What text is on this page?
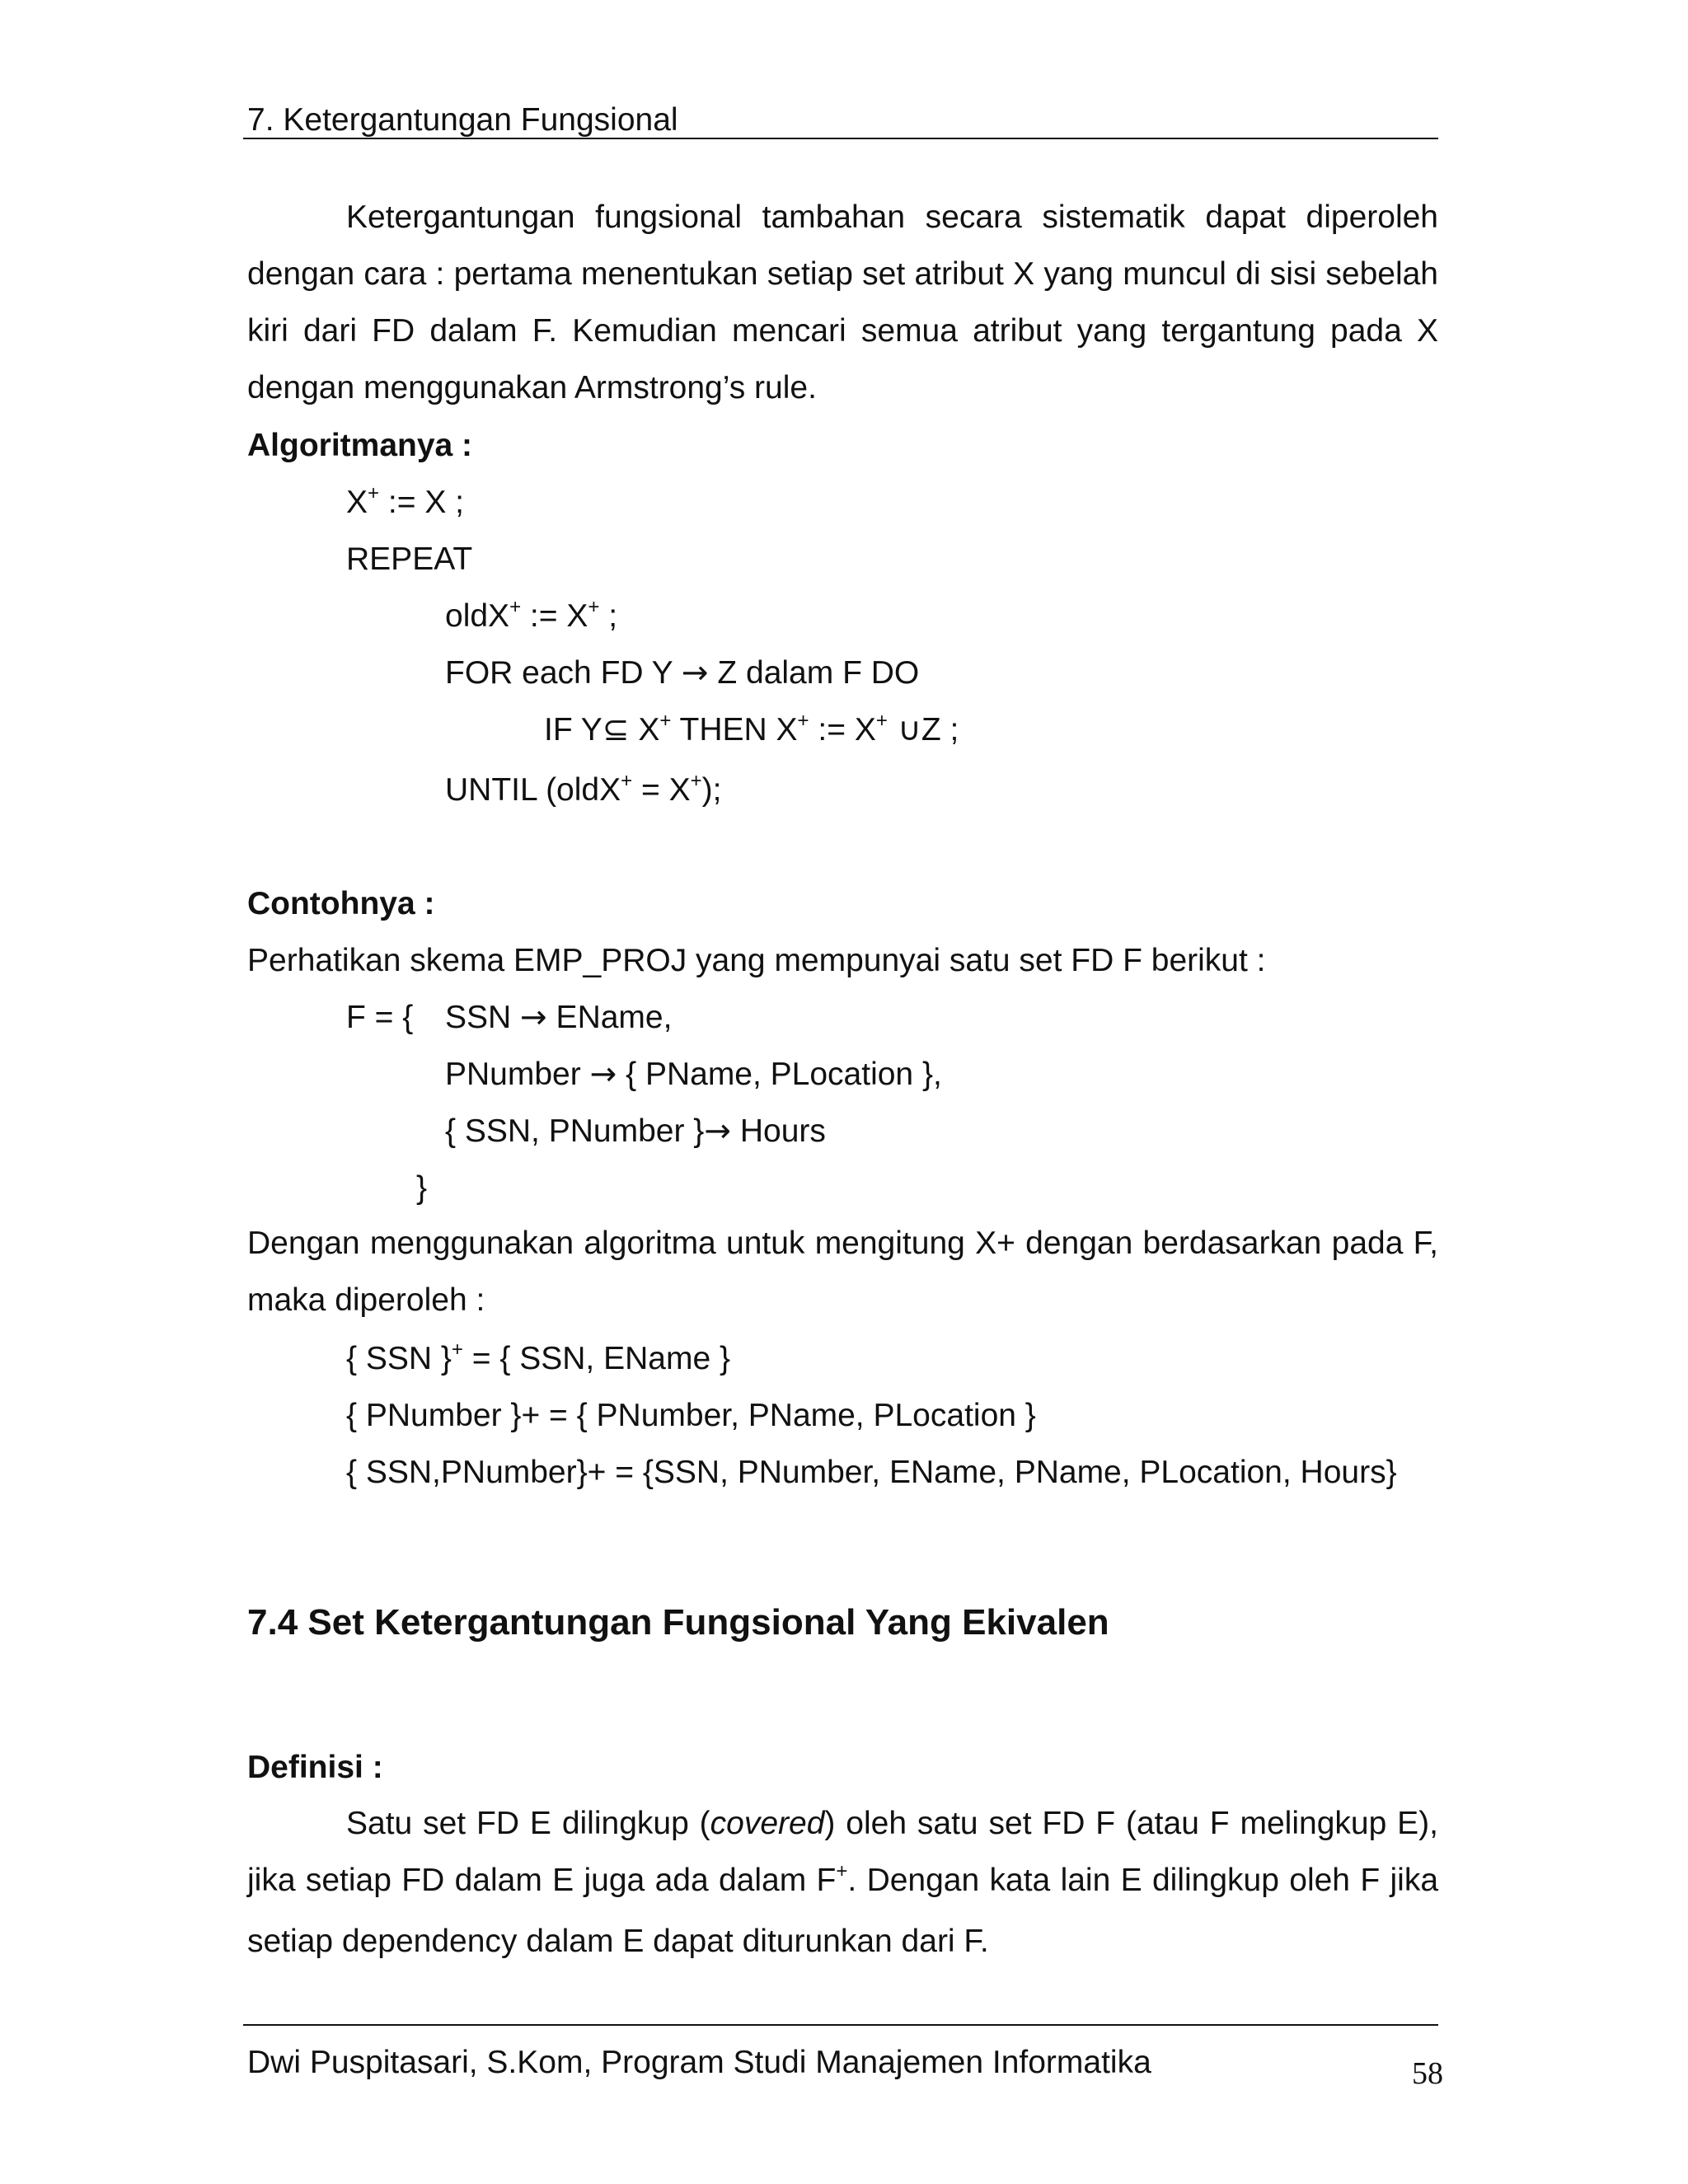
7. Ketergantungan Fungsional
Ketergantungan fungsional tambahan secara sistematik dapat diperoleh dengan cara : pertama menentukan setiap set atribut X yang muncul di sisi sebelah kiri dari FD dalam F. Kemudian mencari semua atribut yang tergantung pada X dengan menggunakan Armstrong’s rule.
Algoritmanya :
X+ := X ;
REPEAT
oldX+ := X+ ;
FOR each FD Y → Z dalam F DO
IF Y⊆ X+ THEN X+ := X+ ∪Z ;
UNTIL (oldX+ = X+);
Contohnya :
Perhatikan skema EMP_PROJ yang mempunyai satu set FD F berikut :
F = { SSN → EName,
PNumber → { PName, PLocation },
{ SSN, PNumber }→ Hours
}
Dengan menggunakan algoritma untuk mengitung X+ dengan berdasarkan pada F, maka diperoleh :
{ SSN }+ = { SSN, EName }
{ PNumber }+ = { PNumber, PName, PLocation }
{ SSN,PNumber}+ = {SSN, PNumber, EName, PName, PLocation, Hours}
7.4 Set Ketergantungan Fungsional Yang Ekivalen
Definisi :
Satu set FD E dilingkup (covered) oleh satu set FD F (atau F melingkup E), jika setiap FD dalam E juga ada dalam F+. Dengan kata lain E dilingkup oleh F jika setiap dependency dalam E dapat diturunkan dari F.
Dwi Puspitasari, S.Kom, Program Studi Manajemen Informatika	58
